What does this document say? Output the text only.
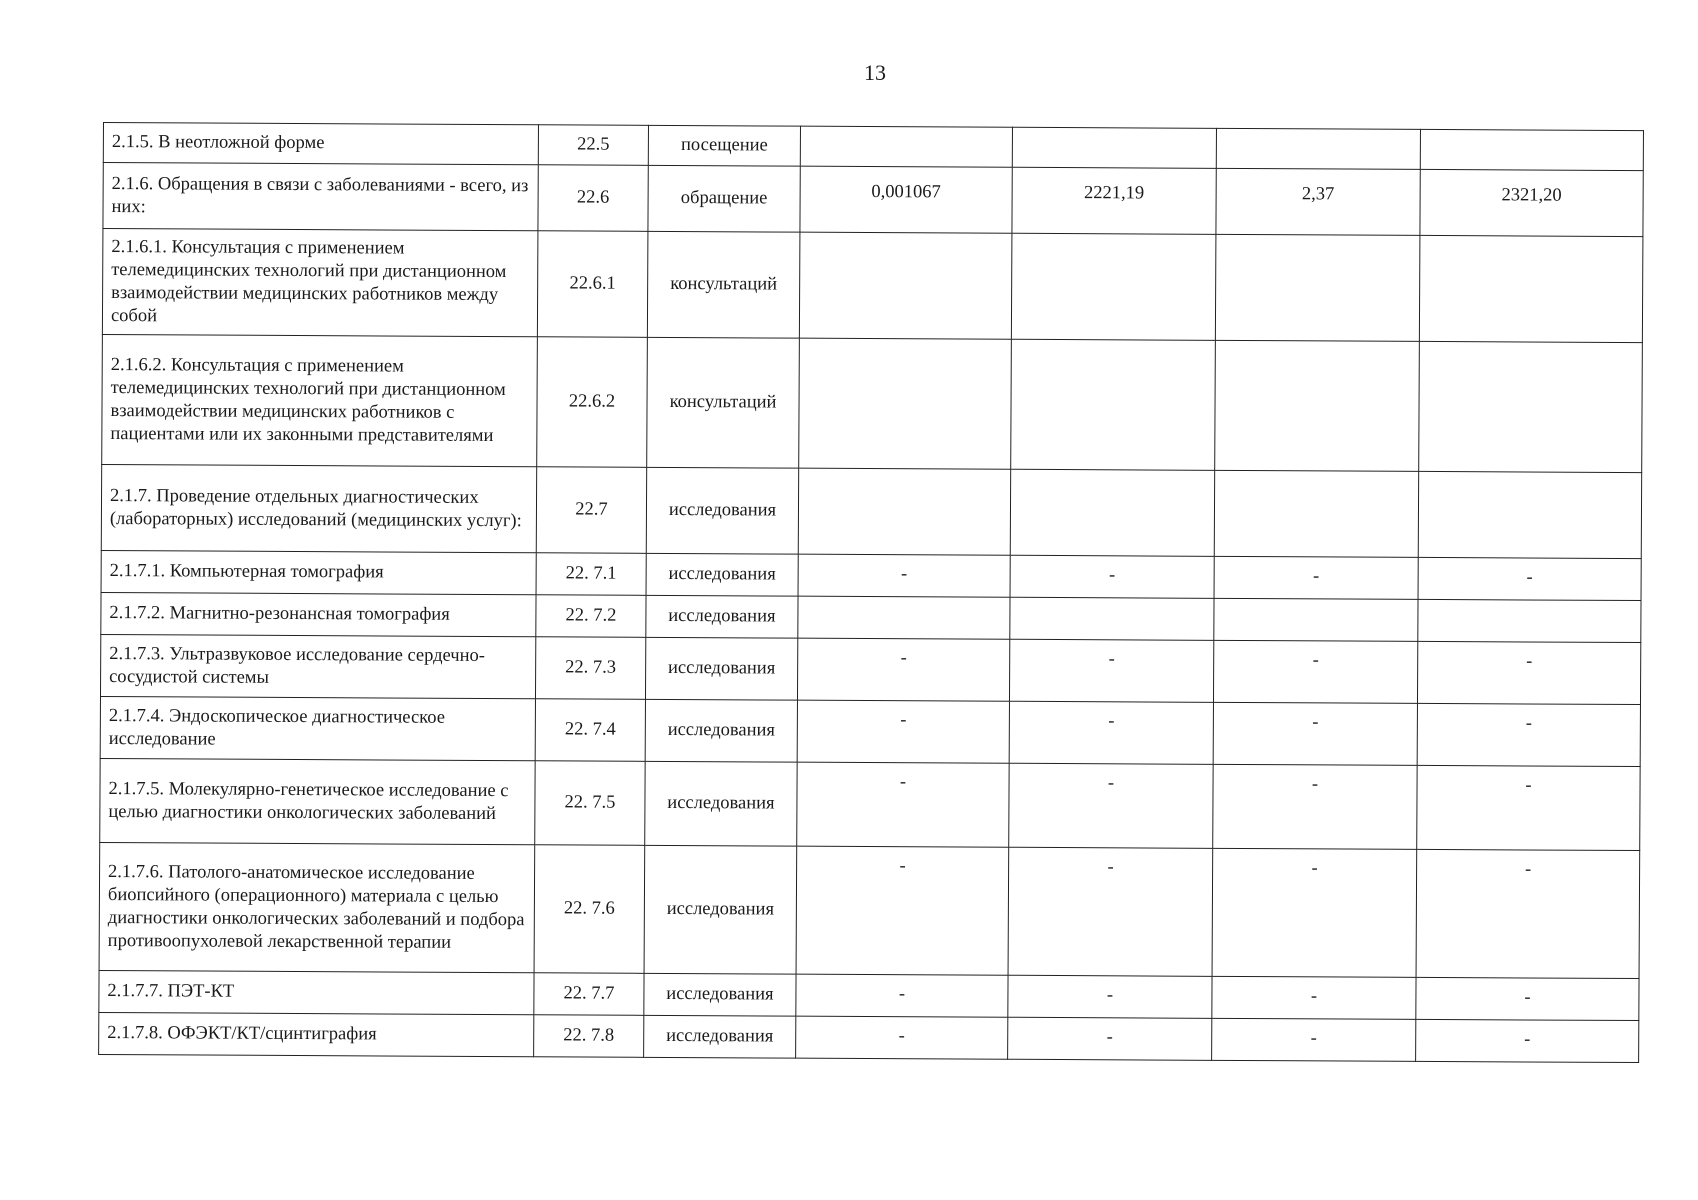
13
2.1.5. В неотложной форме	22.5	посещение				
2.1.6. Обращения в связи с заболеваниями - всего, из них:	22.6	обращение	0,001067	2221,19	2,37	2321,20
2.1.6.1. Консультация с применением телемедицинских технологий при дистанционном взаимодействии медицинских работников между собой	22.6.1	консультаций				
2.1.6.2. Консультация с применением телемедицинских технологий при дистанционном взаимодействии медицинских работников с пациентами или их законными представителями	22.6.2	консультаций				
2.1.7. Проведение отдельных диагностических (лабораторных) исследований (медицинских услуг):	22.7	исследования				
2.1.7.1. Компьютерная томография	22. 7.1	исследования	-	-	-	-
2.1.7.2. Магнитно-резонансная томография	22. 7.2	исследования				
2.1.7.3. Ультразвуковое исследование сердечно-сосудистой системы	22. 7.3	исследования	-	-	-	-
2.1.7.4. Эндоскопическое диагностическое исследование	22. 7.4	исследования	-	-	-	-
2.1.7.5. Молекулярно-генетическое исследование с целью диагностики онкологических заболеваний	22. 7.5	исследования	-	-	-	-
2.1.7.6. Патолого-анатомическое исследование биопсийного (операционного) материала с целью диагностики онкологических заболеваний и подбора противоопухолевой лекарственной терапии	22. 7.6	исследования	-	-	-	-
2.1.7.7. ПЭТ-КТ	22. 7.7	исследования	-	-	-	-
2.1.7.8. ОФЭКТ/КТ/сцинтиграфия	22. 7.8	исследования	-	-	-	-
